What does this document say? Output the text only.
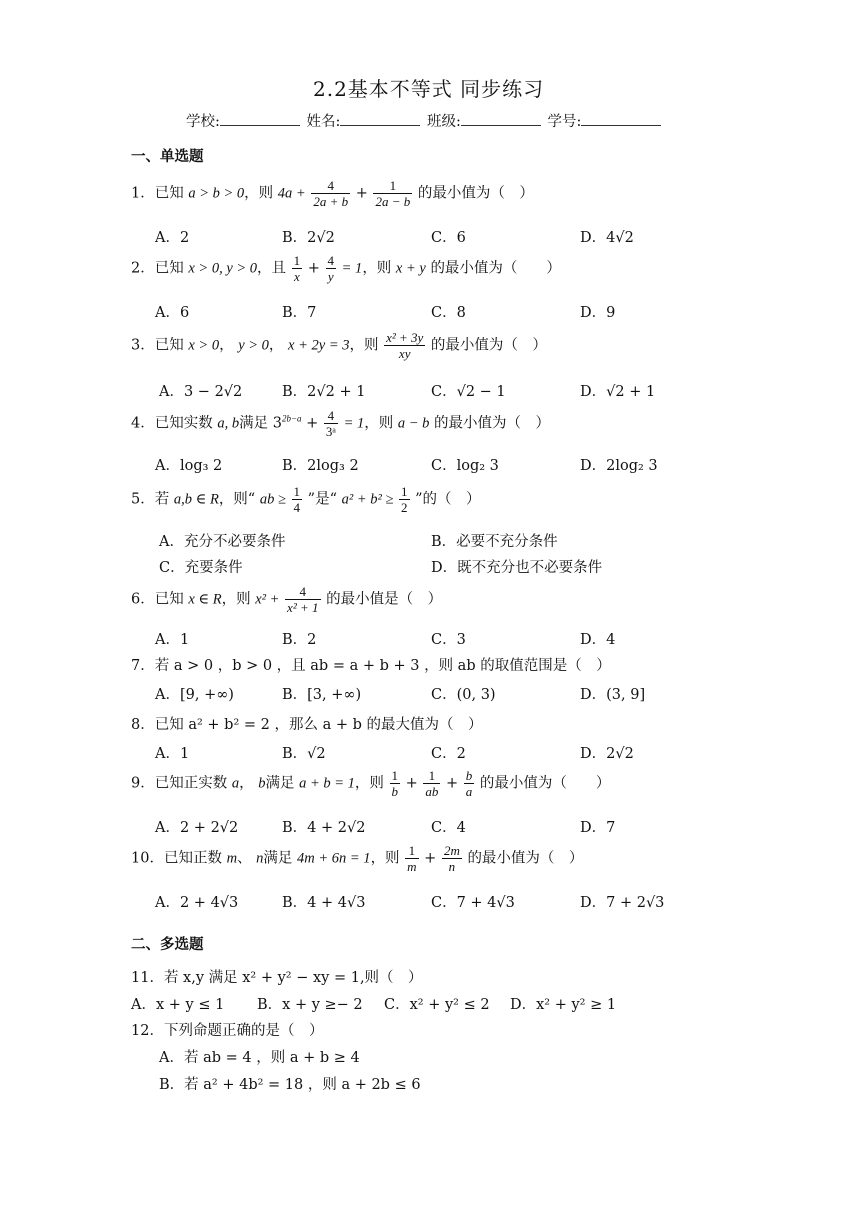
2.2基本不等式 同步练习
学校:	姓名:	班级:	学号:
一、单选题
1．已知 a > b > 0，则 $4a + \frac{4}{2a + b} + \frac{1}{2a - b}$ 的最小值为（　）
A．2	B．2√2	C．6	D．4√2
2．已知 x > 0, y > 0，且 $\frac{1}{x} + \frac{4}{y} = 1$，则 x + y 的最小值为（　　）
A．6	B．7	C．8	D．9
3．已知 x > 0， y > 0， x + 2y = 3，则 $\frac{\text{x² + 3y}}{xy}$ 的最小值为（　）
A．3 − 2√2	B．2√2 + 1	C．√2 − 1	D．√2 + 1
4．已知实数 a, b满足 $3^{2b-a} + \frac{4}{\text{3ᵃ}} = 1$，则 a − b 的最小值为（　）
A．log₃ 2	B．2log₃ 2	C．log₂ 3	D．2log₂ 3
5．若 a,b ∈ R，则“ ab ≥ $\frac{1}{4}$ ”是“ $a^2 + b^2 \ge \frac{1}{2}$ ”的（　）
A．充分不必要条件	B．必要不充分条件
C．充要条件	D．既不充分也不必要条件
6．已知 x ∈ R，则 $x^2 + \frac{4}{\text{x² + 1}}$ 的最小值是（　）
A．1	B．2	C．3	D．4
7．若 a > 0 ，b > 0 ，且 ab = a + b + 3 ，则 ab 的取值范围是（　）
A．[9, +∞)	B．[3, +∞)	C．(0, 3)	D．(3, 9]
8．已知 a² + b² = 2 ，那么 a + b 的最大值为（　）
A．1	B．√2	C．2	D．2√2
9．已知正实数 a， b满足 a + b = 1，则 $\frac{1}{b} + \frac{1}{ab} + \frac{b}{a}$ 的最小值为（　　）
A．2 + 2√2	B．4 + 2√2	C．4	D．7
10．已知正数 m、 n满足 4m + 6n = 1，则 $\frac{1}{m} + \frac{2m}{n}$ 的最小值为（　）
A．2 + 4√3	B．4 + 4√3	C．7 + 4√3	D．7 + 2√3
二、多选题
11．若 x,y 满足 x² + y² − xy = 1,则（　）
A．x + y ≤ 1 B．x + y ≥− 2 C．x² + y² ≤ 2 D．x² + y² ≥ 1
12．下列命题正确的是（　）
A．若 ab = 4 ，则 a + b ≥ 4
B．若 a² + 4b² = 18 ，则 a + 2b ≤ 6
